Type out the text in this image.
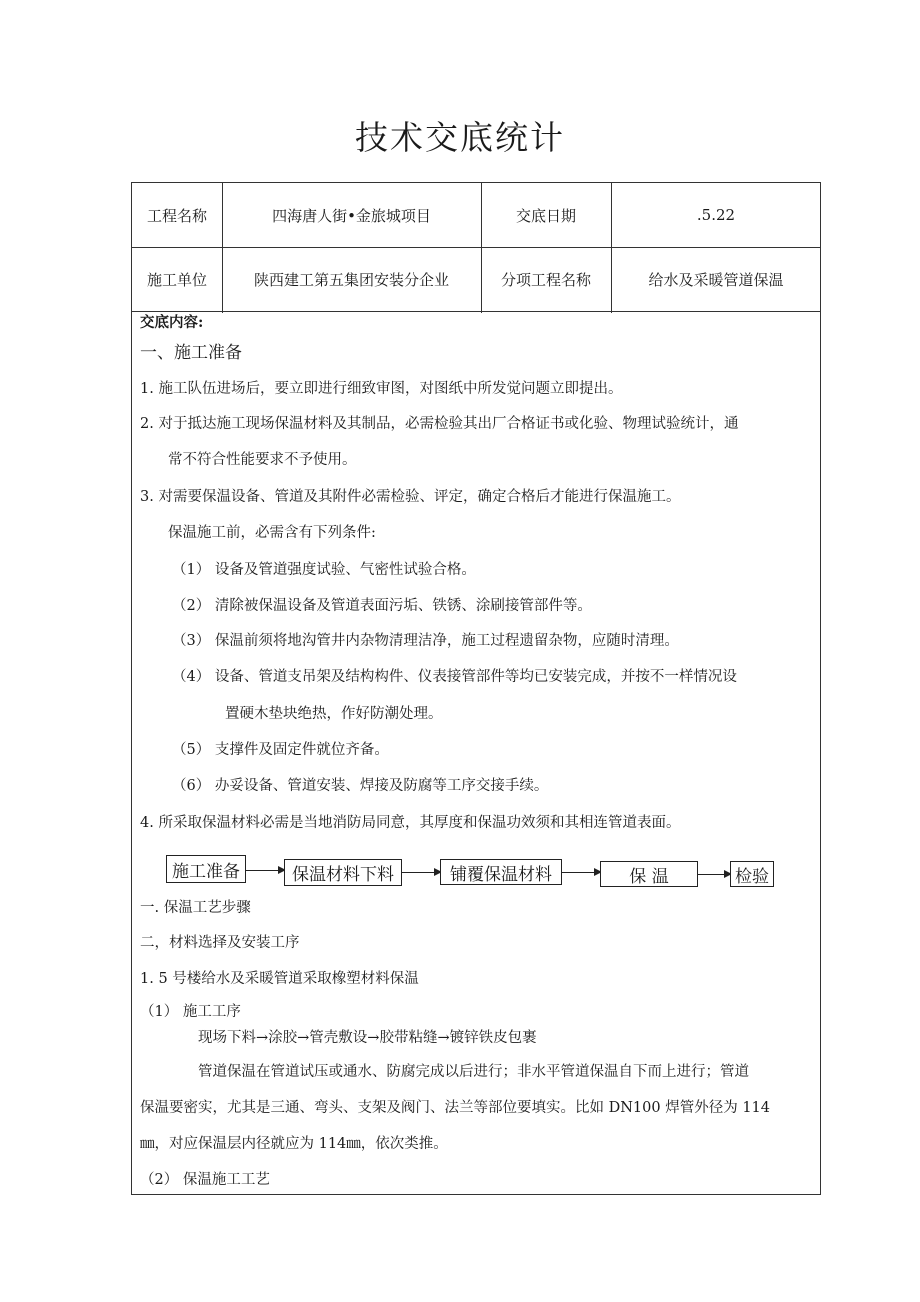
技术交底统计
工程名称	四海唐人街•金旅城项目	交底日期	.5.22
施工单位	陕西建工第五集团安装分企业	分项工程名称	给水及采暖管道保温
交底内容:
一、施工准备
1. 施工队伍进场后，要立即进行细致审图，对图纸中所发觉问题立即提出。
2. 对于抵达施工现场保温材料及其制品，必需检验其出厂合格证书或化验、物理试验统计，通
常不符合性能要求不予使用。
3. 对需要保温设备、管道及其附件必需检验、评定，确定合格后才能进行保温施工。
保温施工前，必需含有下列条件:
（1） 设备及管道强度试验、气密性试验合格。
（2） 清除被保温设备及管道表面污垢、铁锈、涂刷接管部件等。
（3） 保温前须将地沟管井内杂物清理洁净，施工过程遗留杂物，应随时清理。
（4） 设备、管道支吊架及结构构件、仪表接管部件等均已安装完成，并按不一样情况设
置硬木垫块绝热，作好防潮处理。
（5） 支撑件及固定件就位齐备。
（6） 办妥设备、管道安装、焊接及防腐等工序交接手续。
4. 所采取保温材料必需是当地消防局同意，其厚度和保温功效须和其相连管道表面。
施工准备	保温材料下料	铺覆保温材料	保 温	检验
一. 保温工艺步骤
二，材料选择及安装工序
1. 5 号楼给水及采暖管道采取橡塑材料保温
（1） 施工工序
现场下料→涂胶→管壳敷设→胶带粘缝→镀锌铁皮包裹
管道保温在管道试压或通水、防腐完成以后进行；非水平管道保温自下而上进行；管道
保温要密实，尤其是三通、弯头、支架及阀门、法兰等部位要填实。比如 DN100 焊管外径为 114
㎜，对应保温层内径就应为 114㎜，依次类推。
（2） 保温施工工艺
